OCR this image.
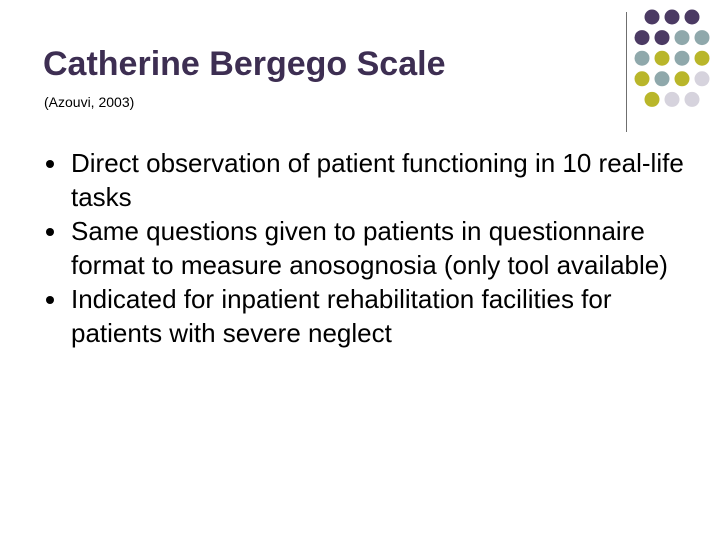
Catherine Bergego Scale
(Azouvi, 2003)
Direct observation of patient functioning in 10 real-life tasks
Same questions given to patients in questionnaire format to measure anosognosia (only tool available)
Indicated for inpatient rehabilitation facilities for patients with severe neglect
